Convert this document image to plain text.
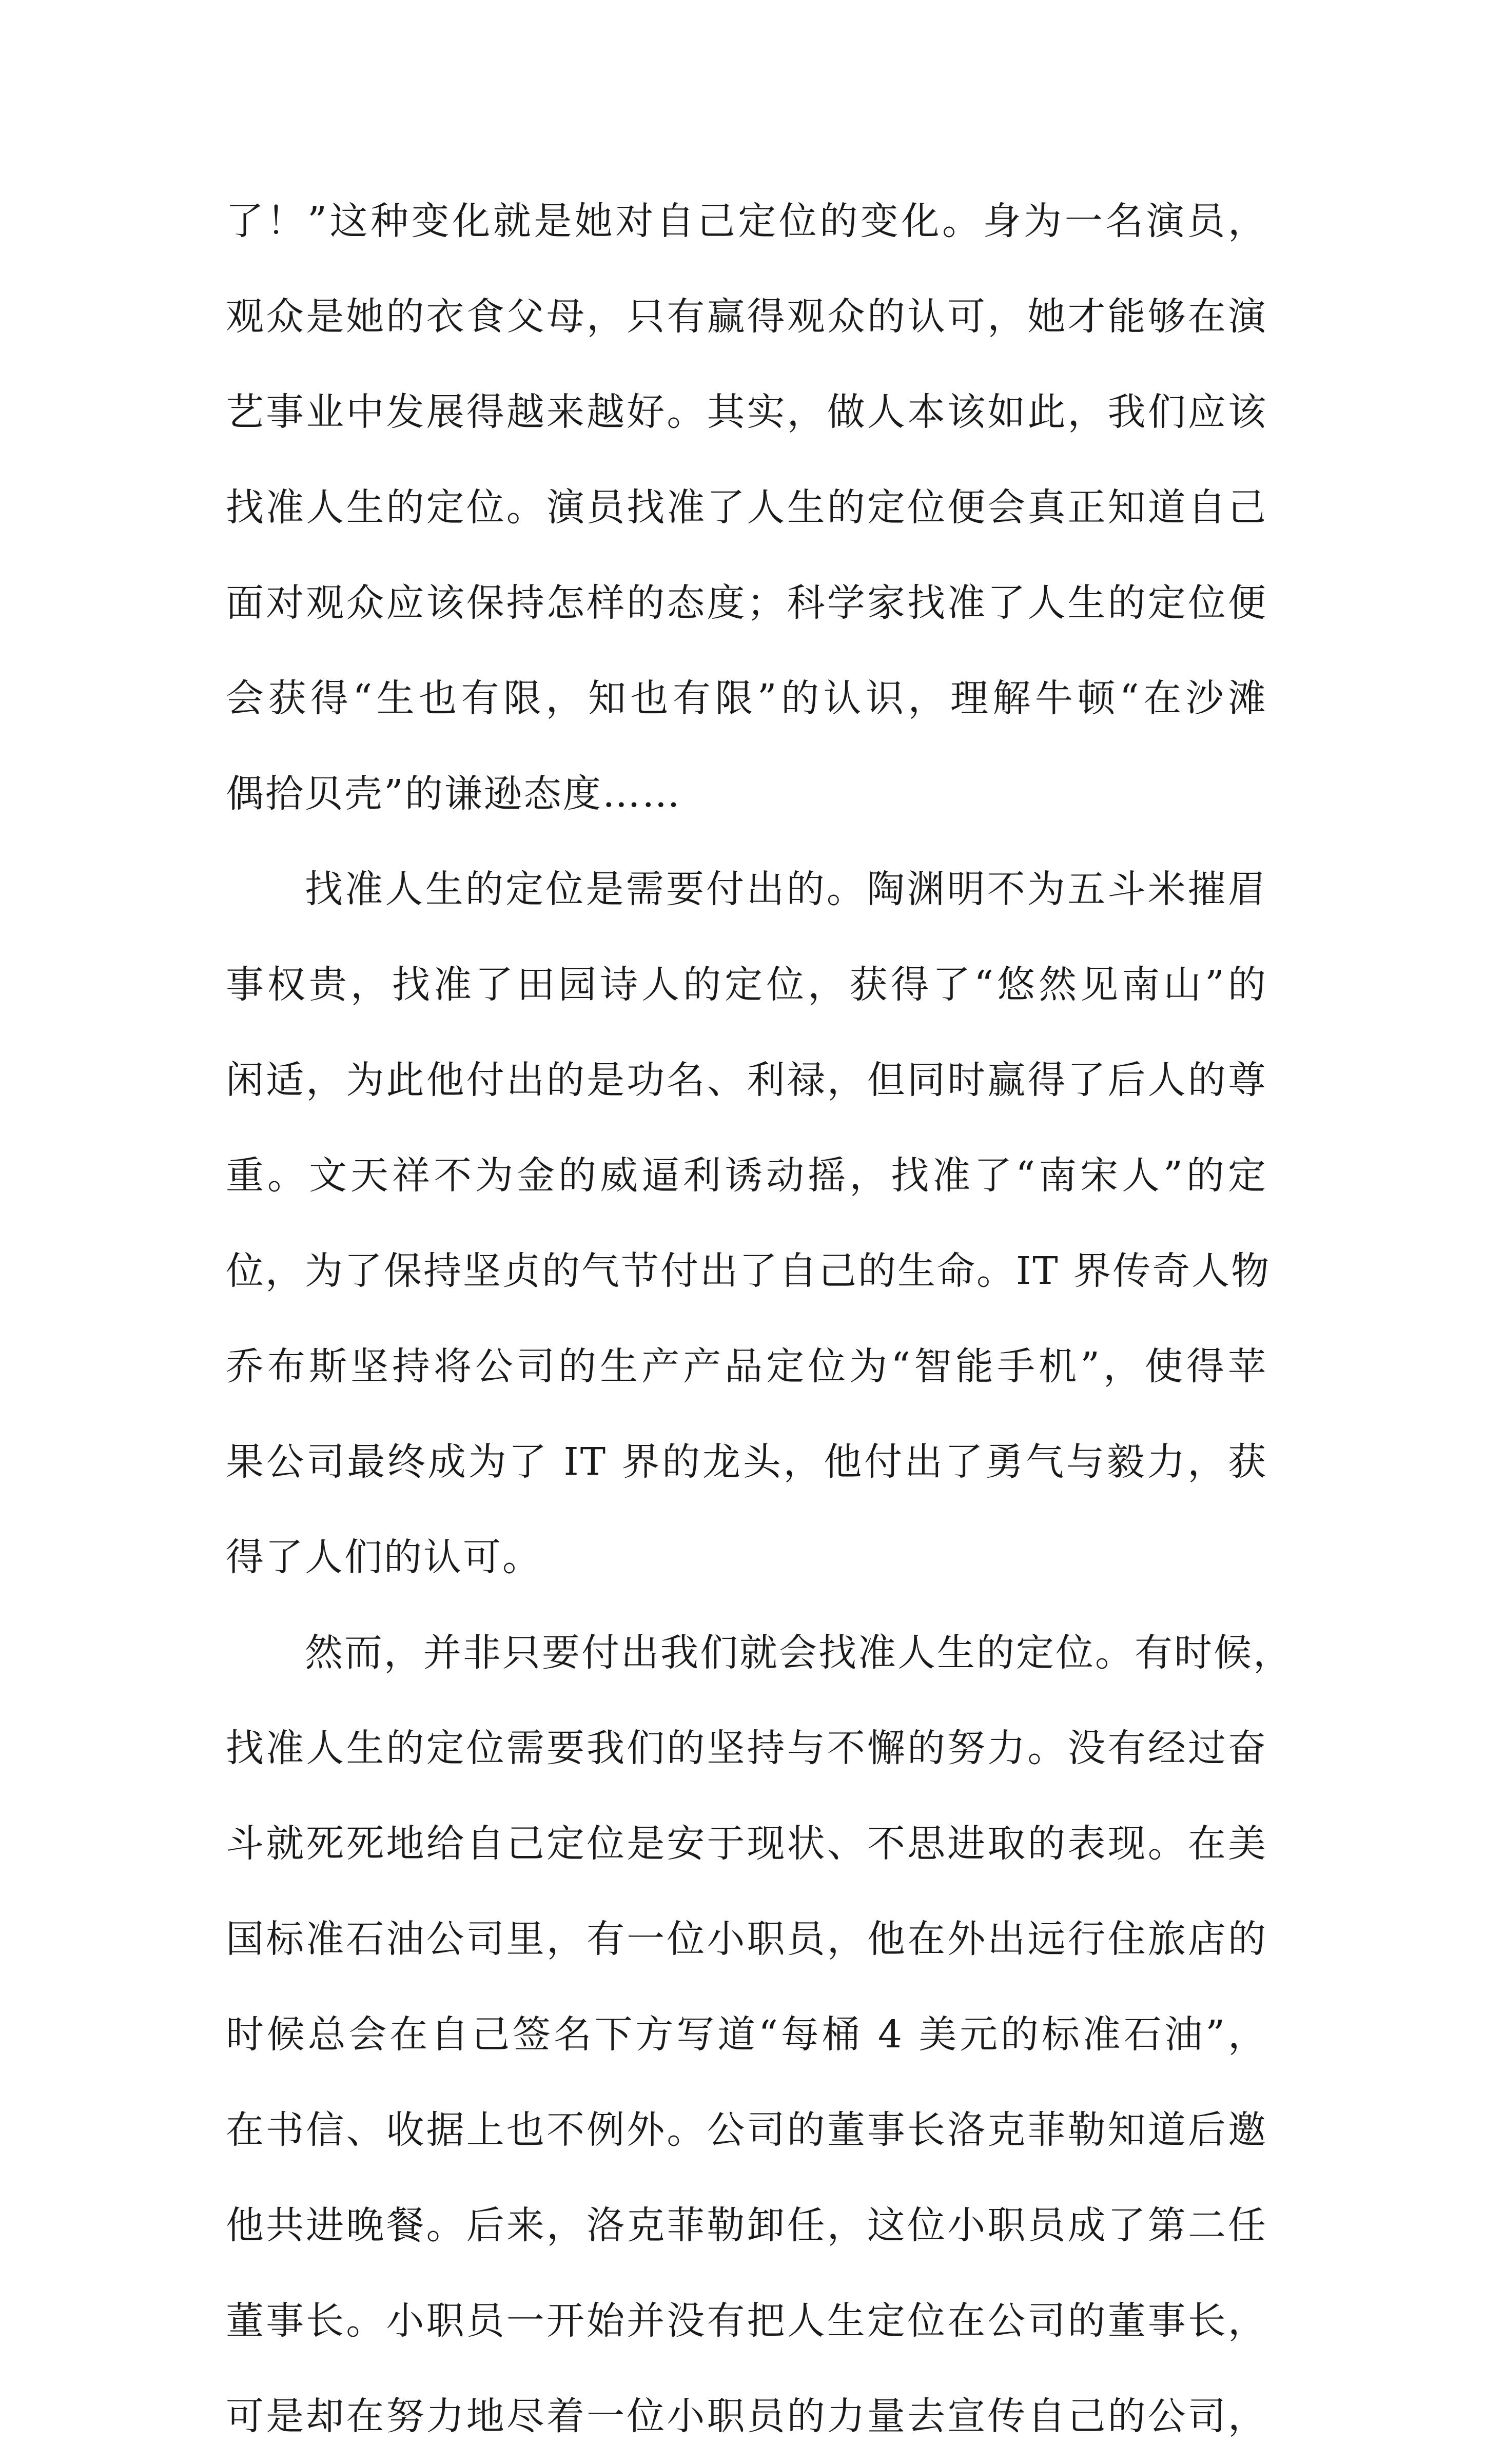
了！”这种变化就是她对自己定位的变化。身为一名演员，
观众是她的衣食父母，只有赢得观众的认可，她才能够在演
艺事业中发展得越来越好。其实，做人本该如此，我们应该
找准人生的定位。演员找准了人生的定位便会真正知道自己
面对观众应该保持怎样的态度；科学家找准了人生的定位便
会获得“生也有限，知也有限”的认识，理解牛顿“在沙滩
偶拾贝壳”的谦逊态度……
找准人生的定位是需要付出的。陶渊明不为五斗米摧眉
事权贵，找准了田园诗人的定位，获得了“悠然见南山”的
闲适，为此他付出的是功名、利禄，但同时赢得了后人的尊
重。文天祥不为金的威逼利诱动摇，找准了“南宋人”的定
位，为了保持坚贞的气节付出了自己的生命。IT 界传奇人物
乔布斯坚持将公司的生产产品定位为“智能手机”，使得苹
果公司最终成为了 IT 界的龙头，他付出了勇气与毅力，获
得了人们的认可。
然而，并非只要付出我们就会找准人生的定位。有时候，
找准人生的定位需要我们的坚持与不懈的努力。没有经过奋
斗就死死地给自己定位是安于现状、不思进取的表现。在美
国标准石油公司里，有一位小职员，他在外出远行住旅店的
时候总会在自己签名下方写道“每桶 4 美元的标准石油”，
在书信、收据上也不例外。公司的董事长洛克菲勒知道后邀
他共进晚餐。后来，洛克菲勒卸任，这位小职员成了第二任
董事长。小职员一开始并没有把人生定位在公司的董事长，
可是却在努力地尽着一位小职员的力量去宣传自己的公司，
